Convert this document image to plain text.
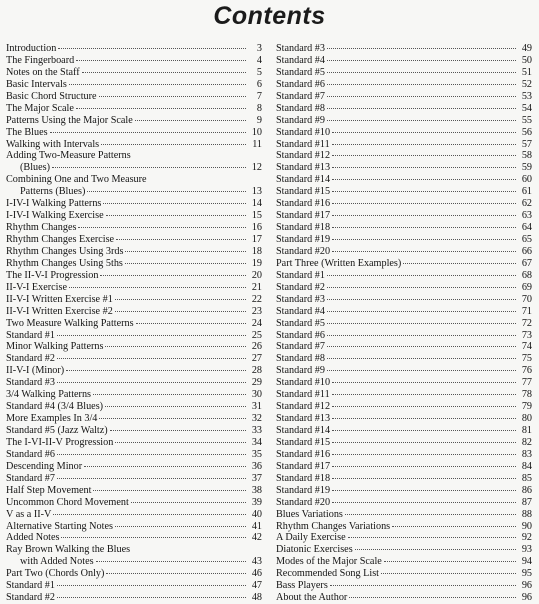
Contents
Introduction	3
The Fingerboard	4
Notes on the Staff	5
Basic Intervals	6
Basic Chord Structure	7
The Major Scale	8
Patterns Using the Major Scale	9
The Blues	10
Walking with Intervals	11
Adding Two-Measure Patterns
(Blues)	12
Combining One and Two Measure
Patterns (Blues)	13
I-IV-I Walking Patterns	14
I-IV-I Walking Exercise	15
Rhythm Changes	16
Rhythm Changes Exercise	17
Rhythm Changes Using 3rds	18
Rhythm Changes Using 5ths	19
The II-V-I Progression	20
II-V-I Exercise	21
II-V-I Written Exercise #1	22
II-V-I Written Exercise #2	23
Two Measure Walking Patterns	24
Standard #1	25
Minor Walking Patterns	26
Standard #2	27
II-V-I (Minor)	28
Standard #3	29
3/4 Walking Patterns	30
Standard #4 (3/4 Blues)	31
More Examples In 3/4	32
Standard #5 (Jazz Waltz)	33
The I-VI-II-V Progression	34
Standard #6	35
Descending Minor	36
Standard #7	37
Half Step Movement	38
Uncommon Chord Movement	39
V as a II-V	40
Alternative Starting Notes	41
Added Notes	42
Ray Brown Walking the Blues
with Added Notes	43
Part Two (Chords Only)	46
Standard #1	47
Standard #2	48
Standard #3	49
Standard #4	50
Standard #5	51
Standard #6	52
Standard #7	53
Standard #8	54
Standard #9	55
Standard #10	56
Standard #11	57
Standard #12	58
Standard #13	59
Standard #14	60
Standard #15	61
Standard #16	62
Standard #17	63
Standard #18	64
Standard #19	65
Standard #20	66
Part Three (Written Examples)	67
Standard #1	68
Standard #2	69
Standard #3	70
Standard #4	71
Standard #5	72
Standard #6	73
Standard #7	74
Standard #8	75
Standard #9	76
Standard #10	77
Standard #11	78
Standard #12	79
Standard #13	80
Standard #14	81
Standard #15	82
Standard #16	83
Standard #17	84
Standard #18	85
Standard #19	86
Standard #20	87
Blues Variations	88
Rhythm Changes Variations	90
A Daily Exercise	92
Diatonic Exercises	93
Modes of the Major Scale	94
Recommended Song List	95
Bass Players	96
About the Author	96
